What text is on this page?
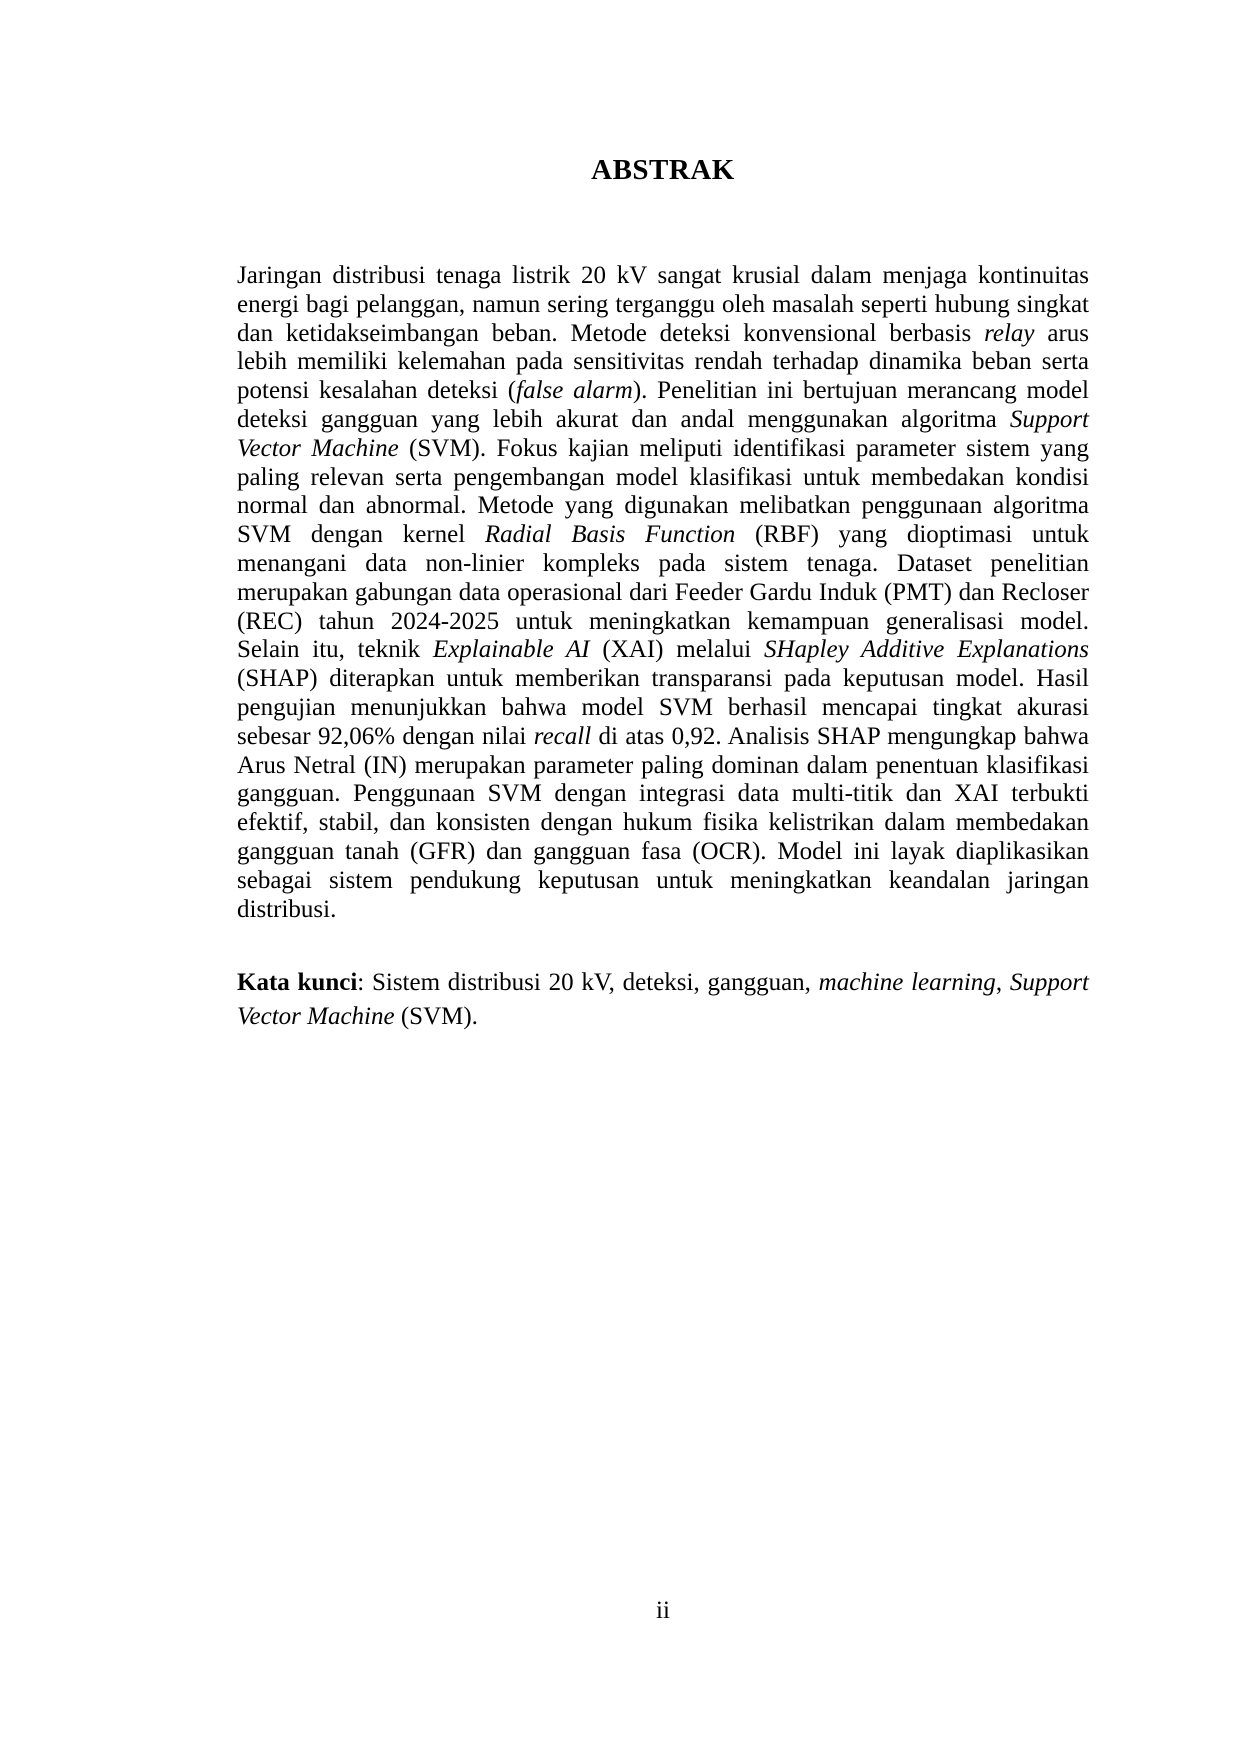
ABSTRAK

Jaringan distribusi tenaga listrik 20 kV sangat krusial dalam menjaga kontinuitas energi bagi pelanggan, namun sering terganggu oleh masalah seperti hubung singkat dan ketidakseimbangan beban. Metode deteksi konvensional berbasis relay arus lebih memiliki kelemahan pada sensitivitas rendah terhadap dinamika beban serta potensi kesalahan deteksi (false alarm). Penelitian ini bertujuan merancang model deteksi gangguan yang lebih akurat dan andal menggunakan algoritma Support Vector Machine (SVM). Fokus kajian meliputi identifikasi parameter sistem yang paling relevan serta pengembangan model klasifikasi untuk membedakan kondisi normal dan abnormal. Metode yang digunakan melibatkan penggunaan algoritma SVM dengan kernel Radial Basis Function (RBF) yang dioptimasi untuk menangani data non-linier kompleks pada sistem tenaga. Dataset penelitian merupakan gabungan data operasional dari Feeder Gardu Induk (PMT) dan Recloser (REC) tahun 2024-2025 untuk meningkatkan kemampuan generalisasi model. Selain itu, teknik Explainable AI (XAI) melalui SHapley Additive Explanations (SHAP) diterapkan untuk memberikan transparansi pada keputusan model. Hasil pengujian menunjukkan bahwa model SVM berhasil mencapai tingkat akurasi sebesar 92,06% dengan nilai recall di atas 0,92. Analisis SHAP mengungkap bahwa Arus Netral (IN) merupakan parameter paling dominan dalam penentuan klasifikasi gangguan. Penggunaan SVM dengan integrasi data multi-titik dan XAI terbukti efektif, stabil, dan konsisten dengan hukum fisika kelistrikan dalam membedakan gangguan tanah (GFR) dan gangguan fasa (OCR). Model ini layak diaplikasikan sebagai sistem pendukung keputusan untuk meningkatkan keandalan jaringan distribusi.

Kata kunci: Sistem distribusi 20 kV, deteksi, gangguan, machine learning, Support Vector Machine (SVM).

ii
